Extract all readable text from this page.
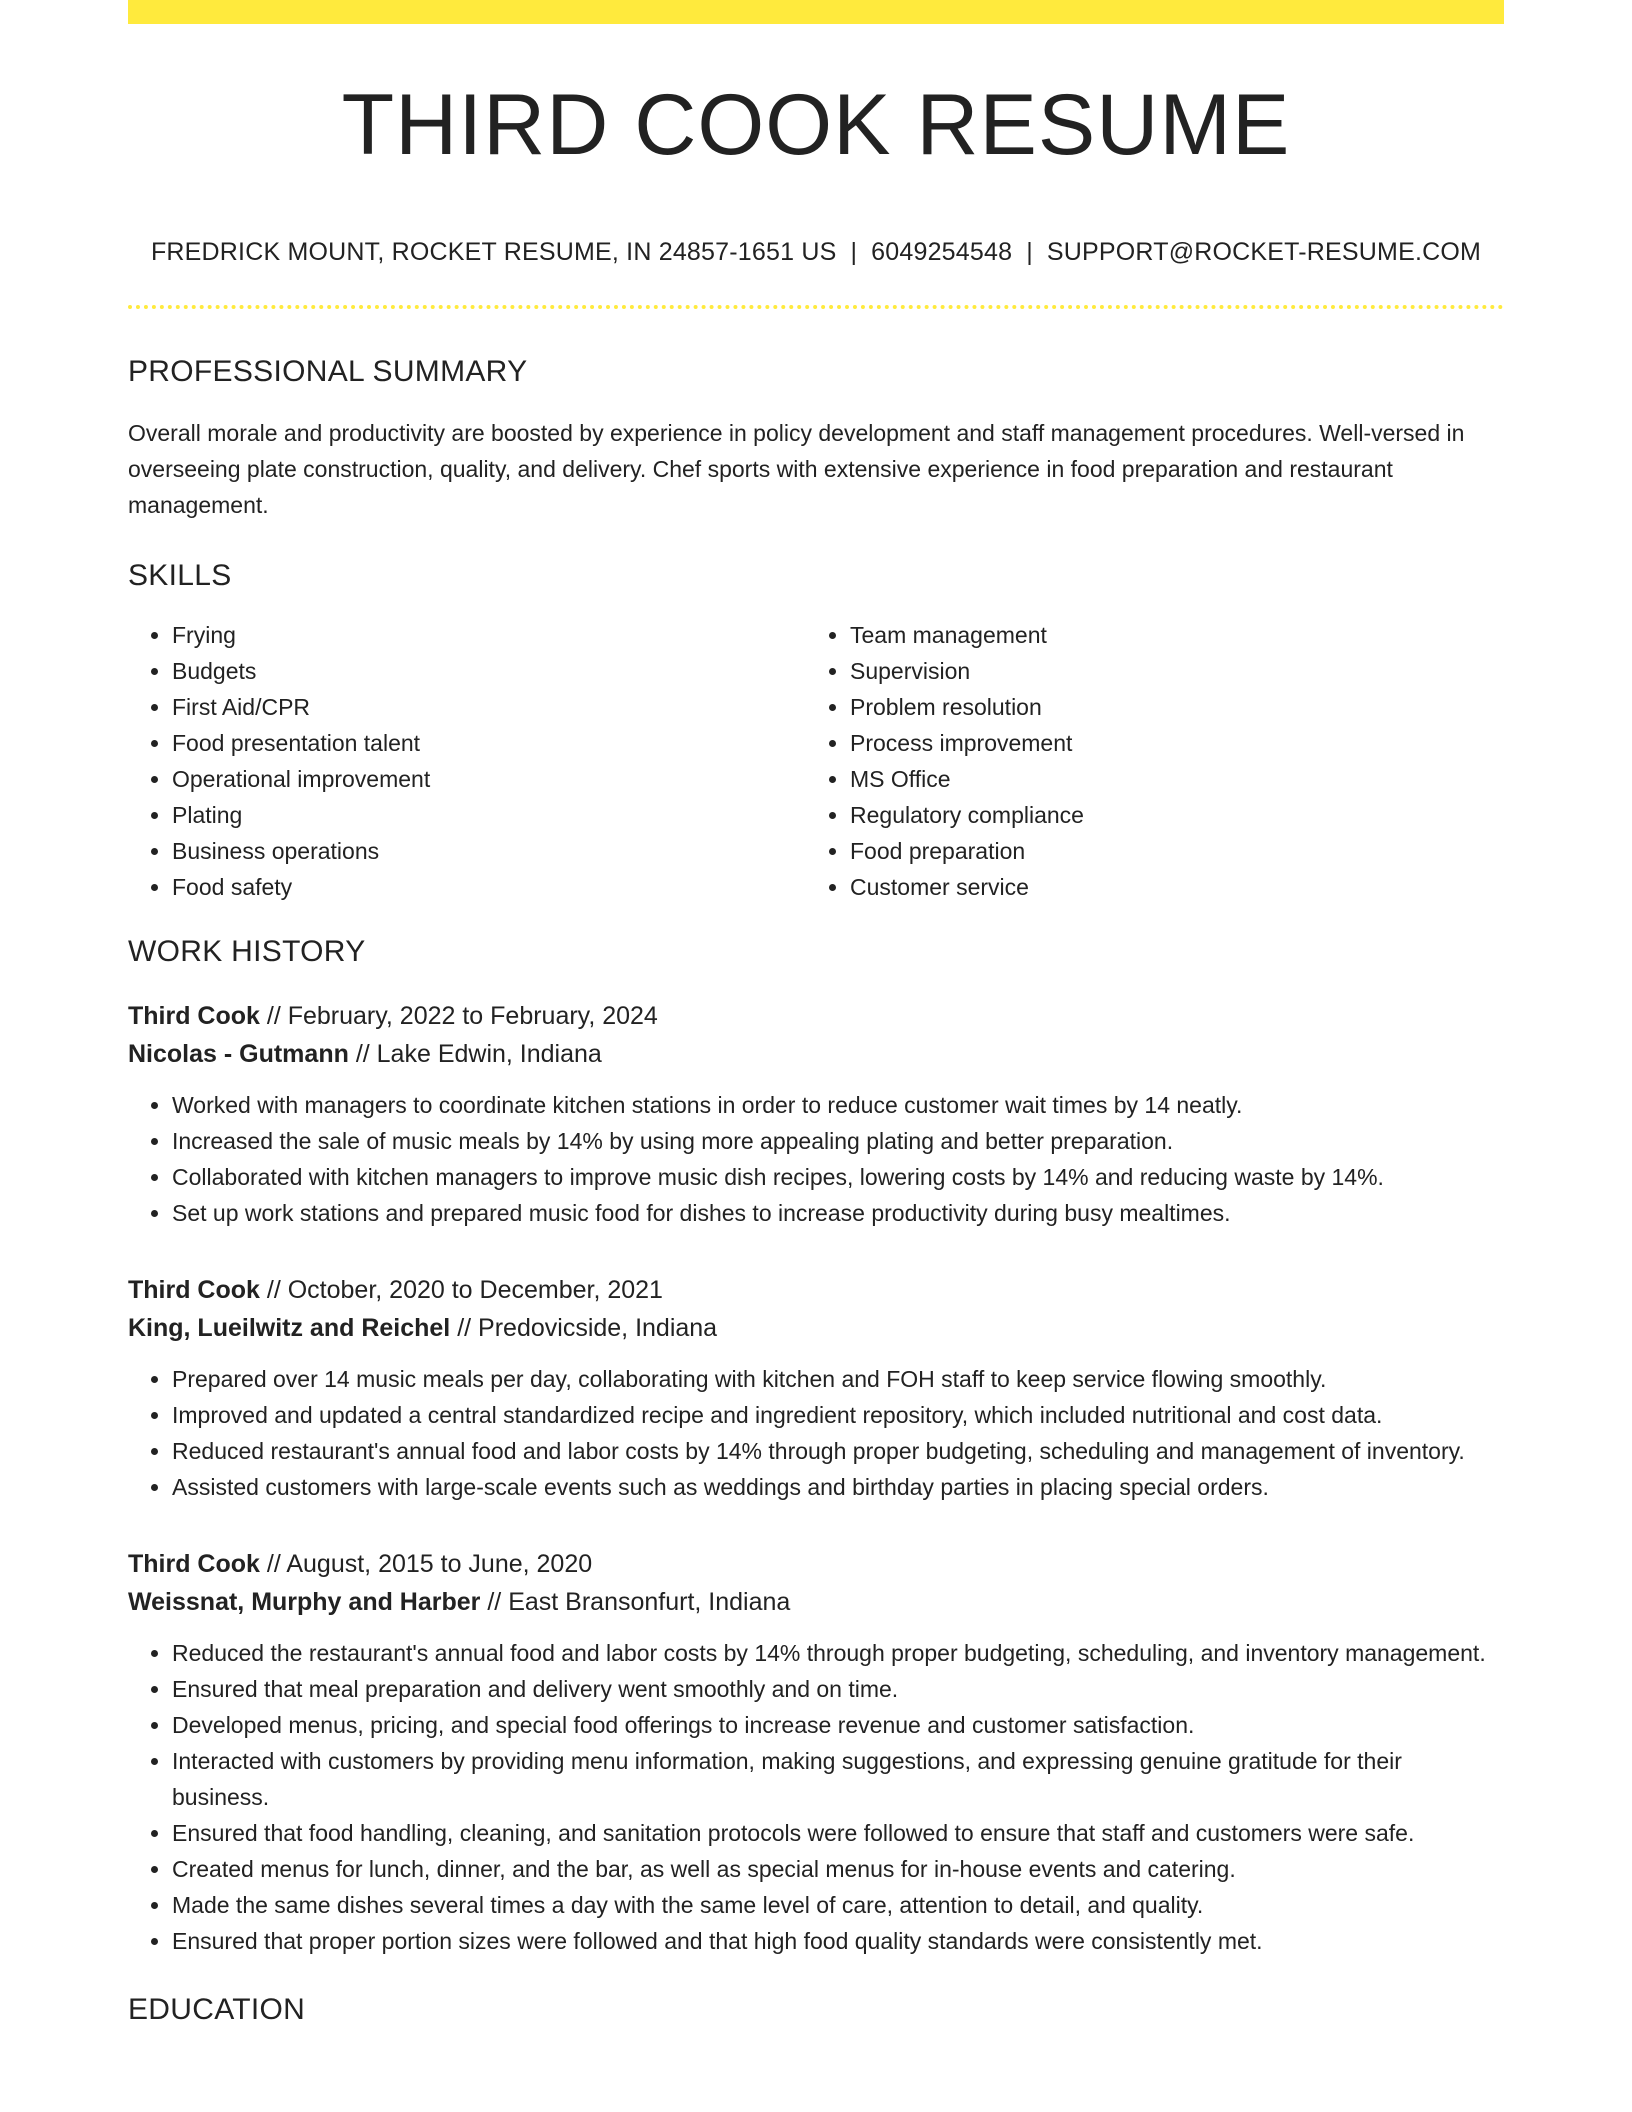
THIRD COOK RESUME
FREDRICK MOUNT, ROCKET RESUME, IN 24857-1651 US | 6049254548 | SUPPORT@ROCKET-RESUME.COM
PROFESSIONAL SUMMARY
Overall morale and productivity are boosted by experience in policy development and staff management procedures. Well-versed in overseeing plate construction, quality, and delivery. Chef sports with extensive experience in food preparation and restaurant management.
SKILLS
• Frying
• Budgets
• First Aid/CPR
• Food presentation talent
• Operational improvement
• Plating
• Business operations
• Food safety
• Team management
• Supervision
• Problem resolution
• Process improvement
• MS Office
• Regulatory compliance
• Food preparation
• Customer service
WORK HISTORY
Third Cook // February, 2022 to February, 2024
Nicolas - Gutmann // Lake Edwin, Indiana
• Worked with managers to coordinate kitchen stations in order to reduce customer wait times by 14 neatly.
• Increased the sale of music meals by 14% by using more appealing plating and better preparation.
• Collaborated with kitchen managers to improve music dish recipes, lowering costs by 14% and reducing waste by 14%.
• Set up work stations and prepared music food for dishes to increase productivity during busy mealtimes.
Third Cook // October, 2020 to December, 2021
King, Lueilwitz and Reichel // Predovicside, Indiana
• Prepared over 14 music meals per day, collaborating with kitchen and FOH staff to keep service flowing smoothly.
• Improved and updated a central standardized recipe and ingredient repository, which included nutritional and cost data.
• Reduced restaurant's annual food and labor costs by 14% through proper budgeting, scheduling and management of inventory.
• Assisted customers with large-scale events such as weddings and birthday parties in placing special orders.
Third Cook // August, 2015 to June, 2020
Weissnat, Murphy and Harber // East Bransonfurt, Indiana
• Reduced the restaurant's annual food and labor costs by 14% through proper budgeting, scheduling, and inventory management.
• Ensured that meal preparation and delivery went smoothly and on time.
• Developed menus, pricing, and special food offerings to increase revenue and customer satisfaction.
• Interacted with customers by providing menu information, making suggestions, and expressing genuine gratitude for their business.
• Ensured that food handling, cleaning, and sanitation protocols were followed to ensure that staff and customers were safe.
• Created menus for lunch, dinner, and the bar, as well as special menus for in-house events and catering.
• Made the same dishes several times a day with the same level of care, attention to detail, and quality.
• Ensured that proper portion sizes were followed and that high food quality standards were consistently met.
EDUCATION
